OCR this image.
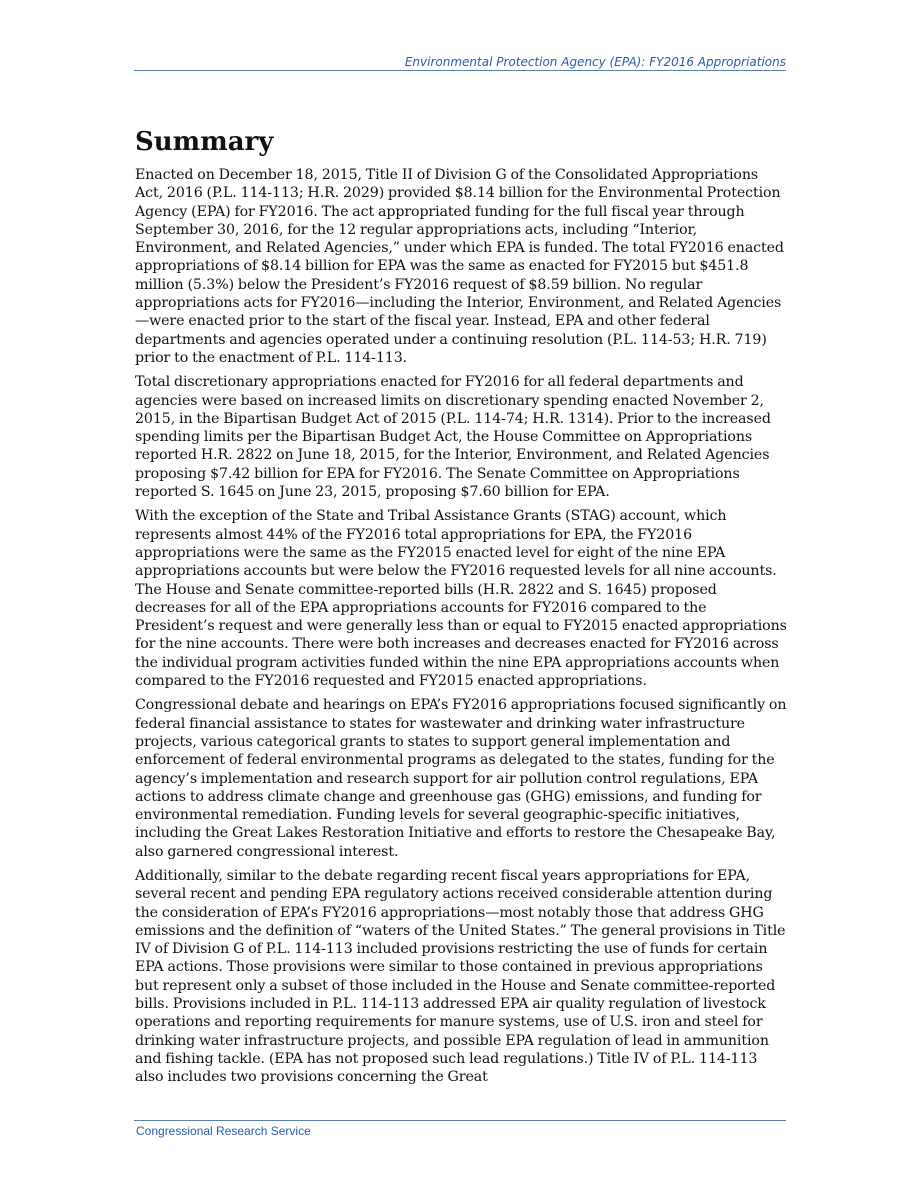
Environmental Protection Agency (EPA): FY2016 Appropriations
Summary

Enacted on December 18, 2015, Title II of Division G of the Consolidated Appropriations Act, 2016 (P.L. 114-113; H.R. 2029) provided $8.14 billion for the Environmental Protection Agency (EPA) for FY2016. The act appropriated funding for the full fiscal year through September 30, 2016, for the 12 regular appropriations acts, including “Interior, Environment, and Related Agencies,” under which EPA is funded. The total FY2016 enacted appropriations of $8.14 billion for EPA was the same as enacted for FY2015 but $451.8 million (5.3%) below the President’s FY2016 request of $8.59 billion. No regular appropriations acts for FY2016—including the Interior, Environment, and Related Agencies—were enacted prior to the start of the fiscal year. Instead, EPA and other federal departments and agencies operated under a continuing resolution (P.L. 114-53; H.R. 719) prior to the enactment of P.L. 114-113.

Total discretionary appropriations enacted for FY2016 for all federal departments and agencies were based on increased limits on discretionary spending enacted November 2, 2015, in the Bipartisan Budget Act of 2015 (P.L. 114-74; H.R. 1314). Prior to the increased spending limits per the Bipartisan Budget Act, the House Committee on Appropriations reported H.R. 2822 on June 18, 2015, for the Interior, Environment, and Related Agencies proposing $7.42 billion for EPA for FY2016. The Senate Committee on Appropriations reported S. 1645 on June 23, 2015, proposing $7.60 billion for EPA.

With the exception of the State and Tribal Assistance Grants (STAG) account, which represents almost 44% of the FY2016 total appropriations for EPA, the FY2016 appropriations were the same as the FY2015 enacted level for eight of the nine EPA appropriations accounts but were below the FY2016 requested levels for all nine accounts. The House and Senate committee-reported bills (H.R. 2822 and S. 1645) proposed decreases for all of the EPA appropriations accounts for FY2016 compared to the President’s request and were generally less than or equal to FY2015 enacted appropriations for the nine accounts. There were both increases and decreases enacted for FY2016 across the individual program activities funded within the nine EPA appropriations accounts when compared to the FY2016 requested and FY2015 enacted appropriations.

Congressional debate and hearings on EPA’s FY2016 appropriations focused significantly on federal financial assistance to states for wastewater and drinking water infrastructure projects, various categorical grants to states to support general implementation and enforcement of federal environmental programs as delegated to the states, funding for the agency’s implementation and research support for air pollution control regulations, EPA actions to address climate change and greenhouse gas (GHG) emissions, and funding for environmental remediation. Funding levels for several geographic-specific initiatives, including the Great Lakes Restoration Initiative and efforts to restore the Chesapeake Bay, also garnered congressional interest.

Additionally, similar to the debate regarding recent fiscal years appropriations for EPA, several recent and pending EPA regulatory actions received considerable attention during the consideration of EPA’s FY2016 appropriations—most notably those that address GHG emissions and the definition of “waters of the United States.” The general provisions in Title IV of Division G of P.L. 114-113 included provisions restricting the use of funds for certain EPA actions. Those provisions were similar to those contained in previous appropriations but represent only a subset of those included in the House and Senate committee-reported bills. Provisions included in P.L. 114-113 addressed EPA air quality regulation of livestock operations and reporting requirements for manure systems, use of U.S. iron and steel for drinking water infrastructure projects, and possible EPA regulation of lead in ammunition and fishing tackle. (EPA has not proposed such lead regulations.) Title IV of P.L. 114-113 also includes two provisions concerning the Great

Congressional Research Service
